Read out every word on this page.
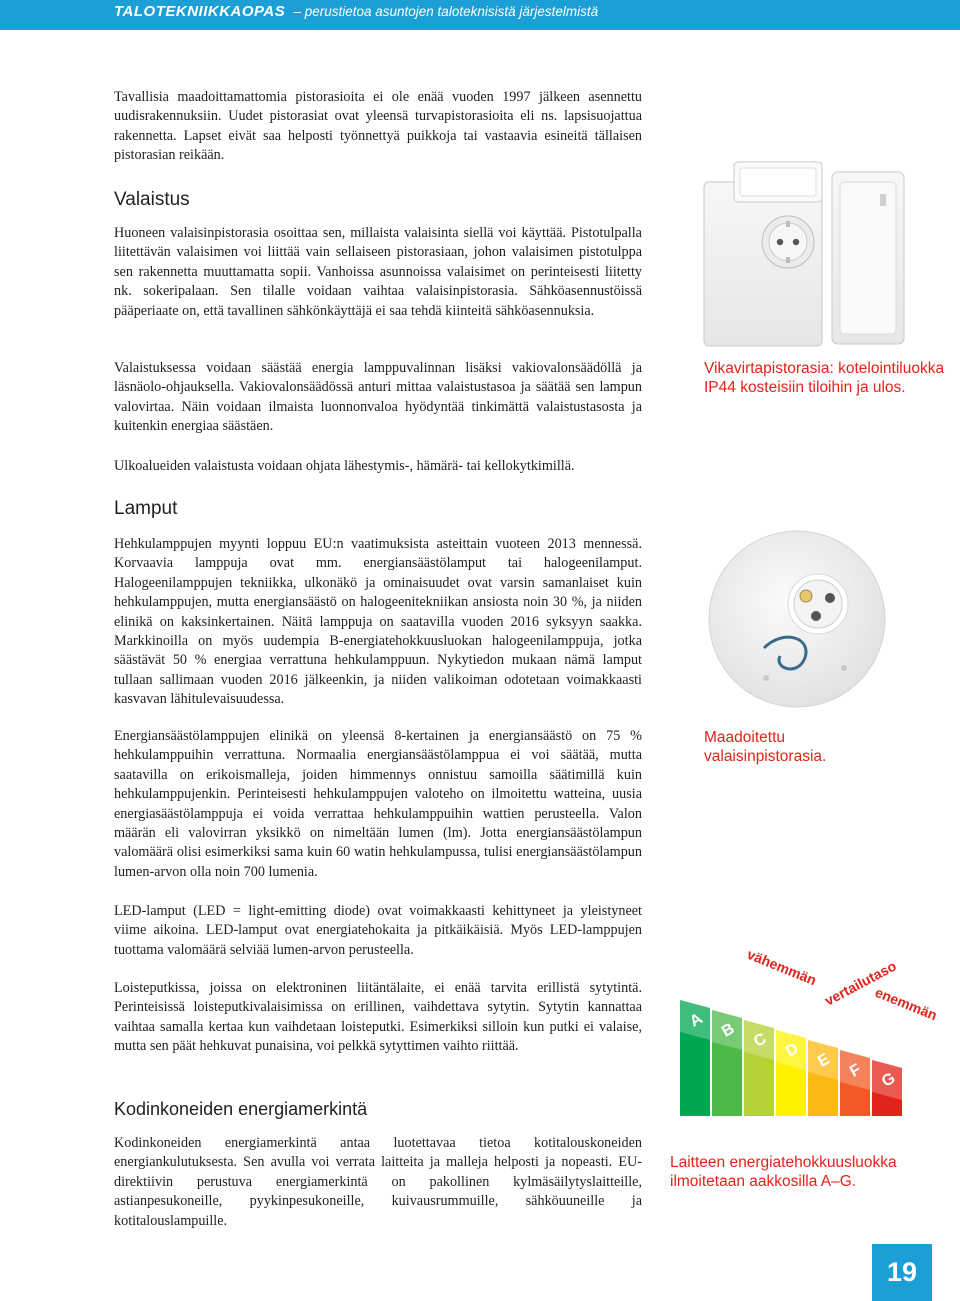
TALOTEKNIIKKAOPAS – perustietoa asuntojen taloteknisistä järjestelmistä

Tavallisia maadoittamattomia pistorasioita ei ole enää vuoden 1997 jälkeen asennettu uudisrakennuksiin. Uudet pistorasiat ovat yleensä turvapistorasioita eli ns. lapsisuojattua rakennetta. Lapset eivät saa helposti työnnettyä puikkoja tai vastaavia esineitä tällaisen pistorasian reikään.

Valaistus

Huoneen valaisinpistorasia osoittaa sen, millaista valaisinta siellä voi käyttää. Pistotulpalla liitettävän valaisimen voi liittää vain sellaiseen pistorasiaan, johon valaisimen pistotulppa sen rakennetta muuttamatta sopii. Vanhoissa asunnoissa valaisimet on perinteisesti liitetty nk. sokeripalaan. Sen tilalle voidaan vaihtaa valaisinpistorasia. Sähköasennustöissä pääperiaate on, että tavallinen sähkönkäyttäjä ei saa tehdä kiinteitä sähköasennuksia.

Valaistuksessa voidaan säästää energia lamppuvalinnan lisäksi vakiovalonsäädöllä ja läsnäolo-ohjauksella. Vakiovalonsäädössä anturi mittaa valaistustasoa ja säätää sen lampun valovirtaa. Näin voidaan ilmaista luonnonvaloa hyödyntää tinkimättä valaistustasosta ja kuitenkin energiaa säästäen.

Ulkoalueiden valaistusta voidaan ohjata lähestymis-, hämärä- tai kellokytkimillä.

Lamput

Hehkulamppujen myynti loppuu EU:n vaatimuksista asteittain vuoteen 2013 mennessä. Korvaavia lamppuja ovat mm. energiansäästölamput tai halogeenilamput. Halogeenilamppujen tekniikka, ulkonäkö ja ominaisuudet ovat varsin samanlaiset kuin hehkulamppujen, mutta energiansäästö on halogeenitekniikan ansiosta noin 30 %, ja niiden elinikä on kaksinkertainen. Näitä lamppuja on saatavilla vuoden 2016 syksyyn saakka. Markkinoilla on myös uudempia B-energiatehokkuusluokan halogeenilamppuja, jotka säästävät 50 % energiaa verrattuna hehkulamppuun. Nykytiedon mukaan nämä lamput tullaan sallimaan vuoden 2016 jälkeenkin, ja niiden valikoiman odotetaan voimakkaasti kasvavan lähitulevaisuudessa.

Energiansäästölamppujen elinikä on yleensä 8-kertainen ja energiansäästö on 75 % hehkulamppuihin verrattuna. Normaalia energiansäästölamppua ei voi säätää, mutta saatavilla on erikoismalleja, joiden himmennys onnistuu samoilla säätimillä kuin hehkulamppujenkin. Perinteisesti hehkulamppujen valoteho on ilmoitettu watteina, uusia energiasäästölamppuja ei voida verrattaa hehkulamppuihin wattien perusteella. Valon määrän eli valovirran yksikkö on nimeltään lumen (lm). Jotta energiansäästölampun valomäärä olisi esimerkiksi sama kuin 60 watin hehkulampussa, tulisi energiansäästölampun lumen-arvon olla noin 700 lumenia.

LED-lamput (LED = light-emitting diode) ovat voimakkaasti kehittyneet ja yleistyneet viime aikoina. LED-lamput ovat energiatehokaita ja pitkäikäisiä. Myös LED-lamppujen tuottama valomäärä selviää lumen-arvon perusteella.

Loisteputkissa, joissa on elektroninen liitäntälaite, ei enää tarvita erillistä sytytintä. Perinteisissä loisteputkivalaisimissa on erillinen, vaihdettava sytytin. Sytytin kannattaa vaihtaa samalla kertaa kun vaihdetaan loisteputki. Esimerkiksi silloin kun putki ei valaise, mutta sen päät hehkuvat punaisina, voi pelkkä sytyttimen vaihto riittää.

Kodinkoneiden energiamerkintä

Kodinkoneiden energiamerkintä antaa luotettavaa tietoa kotitalouskoneiden energiankulutuksesta. Sen avulla voi verrata laitteita ja malleja helposti ja nopeasti. EU-direktiivin perustuva energiamerkintä on pakollinen kylmäsäilytyslaitteille, astianpesukoneille, pyykinpesukoneille, kuivausrummuille, sähköuuneille ja kotitalouslampuille.

A B C D E
F G
vähemmän vertailutaso
enemmän

Vikavirtapistorasia: kotelointiluokka IP44 kosteisiin tiloihin ja ulos.

Maadoitettu valaisinpistorasia.

Laitteen energiatehokkuusluokka ilmoitetaan aakkosilla A–G.

19
